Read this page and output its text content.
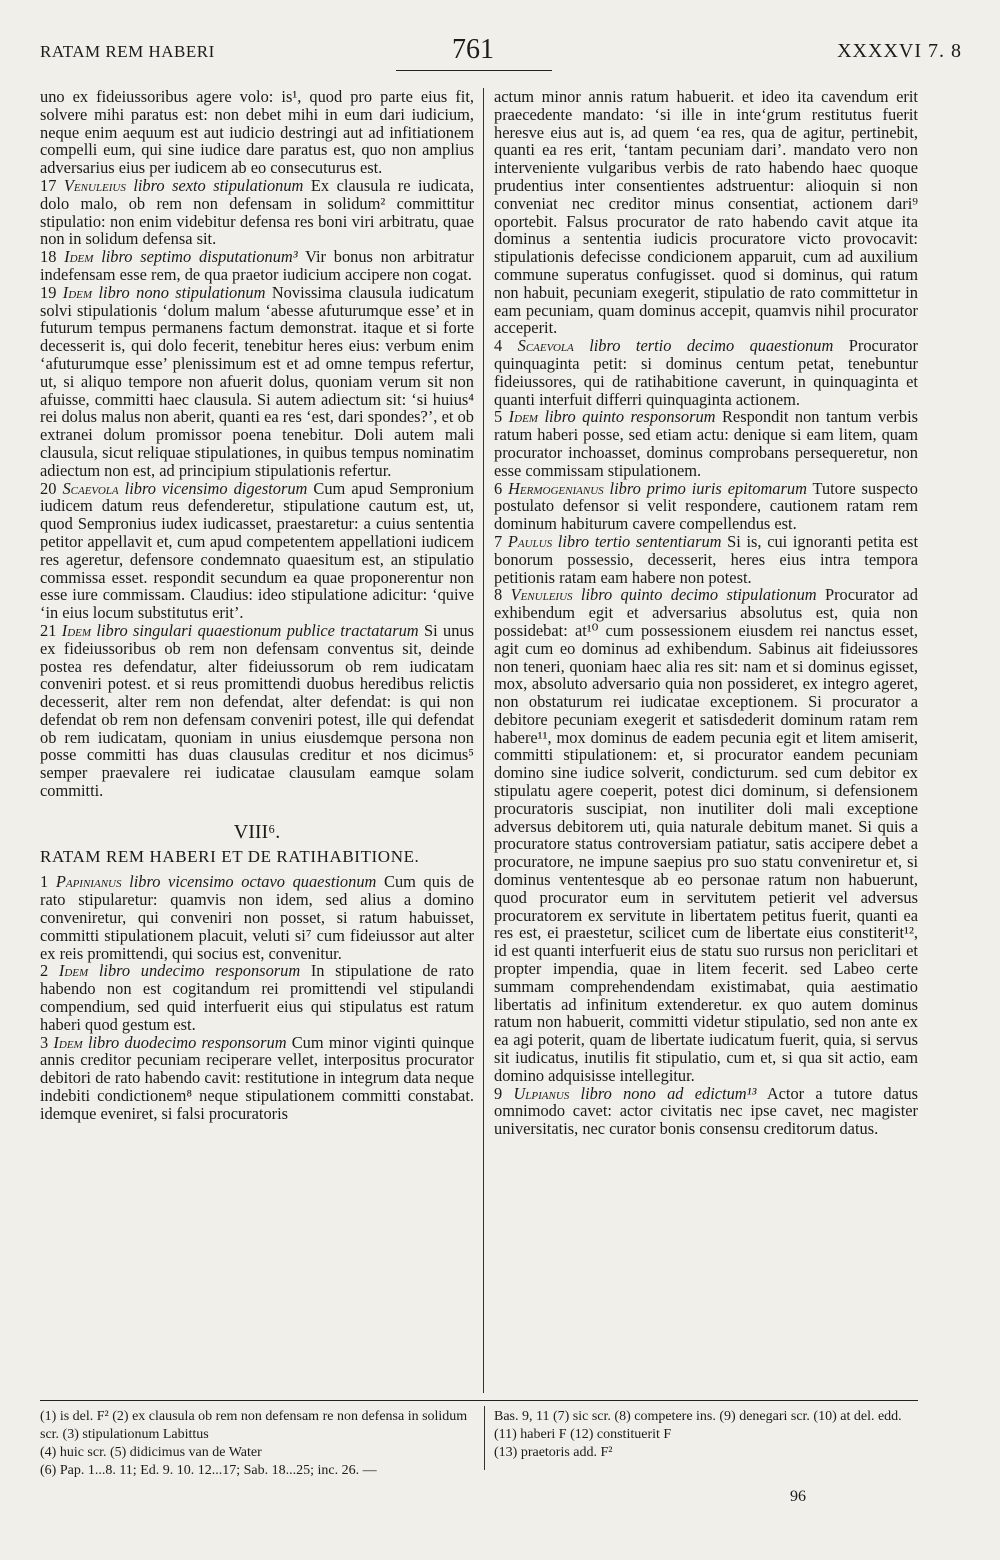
RATAM REM HABERI	761	XXXXVI 7. 8

uno ex fideiussoribus agere volo: is¹, quod pro parte eius fit, solvere mihi paratus est: non debet mihi in eum dari iudicium, neque enim aequum est aut iudicio destringi aut ad infitiationem compelli eum, qui sine iudice dare paratus est, quo non amplius adversarius eius per iudicem ab eo consecuturus est.

17 Venuleius libro sexto stipulationum Ex clausula re iudicata, dolo malo, ob rem non defensam in solidum² committitur stipulatio: non enim videbitur defensa res boni viri arbitratu, quae non in solidum defensa sit.

18 Idem libro septimo disputationum³ Vir bonus non arbitratur indefensam esse rem, de qua praetor iudicium accipere non cogat.

19 Idem libro nono stipulationum Novissima clausula iudicatum solvi stipulationis ‘dolum malum ‘abesse afuturumque esse’ et in futurum tempus permanens factum demonstrat. itaque et si forte decesserit is, qui dolo fecerit, tenebitur heres eius: verbum enim ‘afuturumque esse’ plenissimum est et ad omne tempus refertur, ut, si aliquo tempore non afuerit dolus, quoniam verum sit non afuisse, committi haec clausula. Si autem adiectum sit: ‘si huius⁴ rei dolus malus non aberit, quanti ea res ‘est, dari spondes?’, et ob extranei dolum promissor poena tenebitur. Doli autem mali clausula, sicut reliquae stipulationes, in quibus tempus nominatim adiectum non est, ad principium stipulationis refertur.

20 Scaevola libro vicensimo digestorum Cum apud Sempronium iudicem datum reus defenderetur, stipulatione cautum est, ut, quod Sempronius iudex iudicasset, praestaretur: a cuius sententia petitor appellavit et, cum apud competentem appellationi iudicem res ageretur, defensore condemnato quaesitum est, an stipulatio commissa esset. respondit secundum ea quae proponerentur non esse iure commissam. Claudius: ideo stipulatione adicitur: ‘quive ‘in eius locum substitutus erit’.

21 Idem libro singulari quaestionum publice tractatarum Si unus ex fideiussoribus ob rem non defensam conventus sit, deinde postea res defendatur, alter fideiussorum ob rem iudicatam conveniri potest. et si reus promittendi duobus heredibus relictis decesserit, alter rem non defendat, alter defendat: is qui non defendat ob rem non defensam conveniri potest, ille qui defendat ob rem iudicatam, quoniam in unius eiusdemque persona non posse committi has duas clausulas creditur et nos dicimus⁵ semper praevalere rei iudicatae clausulam eamque solam committi.

VIII⁶.
RATAM REM HABERI ET DE RATIHABITIONE.

1 Papinianus libro vicensimo octavo quaestionum Cum quis de rato stipularetur: quamvis non idem, sed alius a domino conveniretur, qui conveniri non posset, si ratum habuisset, committi stipulationem placuit, veluti si⁷ cum fideiussor aut alter ex reis promittendi, qui socius est, convenitur.

2 Idem libro undecimo responsorum In stipulatione de rato habendo non est cogitandum rei promittendi vel stipulandi compendium, sed quid interfuerit eius qui stipulatus est ratum haberi quod gestum est.

3 Idem libro duodecimo responsorum Cum minor viginti quinque annis creditor pecuniam reciperare vellet, interpositus procurator debitori de rato habendo cavit: restitutione in integrum data neque indebiti condictionem⁸ neque stipulationem committi constabat. idemque eveniret, si falsi procuratoris

actum minor annis ratum habuerit. et ideo ita cavendum erit praecedente mandato: ‘si ille in inte‘grum restitutus fuerit heresve eius aut is, ad quem ‘ea res, qua de agitur, pertinebit, quanti ea res erit, ‘tantam pecuniam dari’. mandato vero non interveniente vulgaribus verbis de rato habendo haec quoque prudentius inter consentientes adstruentur: alioquin si non conveniat nec creditor minus consentiat, actionem dari⁹ oportebit. Falsus procurator de rato habendo cavit atque ita dominus a sententia iudicis procuratore victo provocavit: stipulationis defecisse condicionem apparuit, cum ad auxilium commune superatus confugisset. quod si dominus, qui ratum non habuit, pecuniam exegerit, stipulatio de rato committetur in eam pecuniam, quam dominus accepit, quamvis nihil procurator acceperit.

4 Scaevola libro tertio decimo quaestionum Procurator quinquaginta petit: si dominus centum petat, tenebuntur fideiussores, qui de ratihabitione caverunt, in quinquaginta et quanti interfuit differri quinquaginta actionem.

5 Idem libro quinto responsorum Respondit non tantum verbis ratum haberi posse, sed etiam actu: denique si eam litem, quam procurator inchoasset, dominus comprobans persequeretur, non esse commissam stipulationem.

6 Hermogenianus libro primo iuris epitomarum Tutore suspecto postulato defensor si velit respondere, cautionem ratam rem dominum habiturum cavere compellendus est.

7 Paulus libro tertio sententiarum Si is, cui ignoranti petita est bonorum possessio, decesserit, heres eius intra tempora petitionis ratam eam habere non potest.

8 Venuleius libro quinto decimo stipulationum Procurator ad exhibendum egit et adversarius absolutus est, quia non possidebat: at¹⁰ cum possessionem eiusdem rei nanctus esset, agit cum eo dominus ad exhibendum. Sabinus ait fideiussores non teneri, quoniam haec alia res sit: nam et si dominus egisset, mox, absoluto adversario quia non possideret, ex integro ageret, non obstaturum rei iudicatae exceptionem. Si procurator a debitore pecuniam exegerit et satisdederit dominum ratam rem habere¹¹, mox dominus de eadem pecunia egit et litem amiserit, committi stipulationem: et, si procurator eandem pecuniam domino sine iudice solverit, condicturum. sed cum debitor ex stipulatu agere coeperit, potest dici dominum, si defensionem procuratoris suscipiat, non inutiliter doli mali exceptione adversus debitorem uti, quia naturale debitum manet. Si quis a procuratore status controversiam patiatur, satis accipere debet a procuratore, ne impune saepius pro suo statu conveniretur et, si dominus vententesque ab eo personae ratum non habuerunt, quod procurator eum in servitutem petierit vel adversus procuratorem ex servitute in libertatem petitus fuerit, quanti ea res est, ei praestetur, scilicet cum de libertate eius constiterit¹², id est quanti interfuerit eius de statu suo rursus non periclitari et propter impendia, quae in litem fecerit. sed Labeo certe summam comprehendendam existimabat, quia aestimatio libertatis ad infinitum extenderetur. ex quo autem dominus ratum non habuerit, committi videtur stipulatio, sed non ante ex ea agi poterit, quam de libertate iudicatum fuerit, quia, si servus sit iudicatus, inutilis fit stipulatio, cum et, si qua sit actio, eam domino adquisisse intellegitur.

9 Ulpianus libro nono ad edictum¹³ Actor a tutore datus omnimodo cavet: actor civitatis nec ipse cavet, nec magister universitatis, nec curator bonis consensu creditorum datus.

(1) is del. F² (2) ex clausula ob rem non defensam re non defensa in solidum scr. (3) stipulationum Labittus
(4) huic scr. (5) didicimus van de Water
(6) Pap. 1...8. 11; Ed. 9. 10. 12...17; Sab. 18...25; inc. 26. —
Bas. 9, 11 (7) sic scr. (8) competere ins. (9) denegari scr. (10) at del. edd. (11) haberi F (12) constituerit F
(13) praetoris add. F²
96
